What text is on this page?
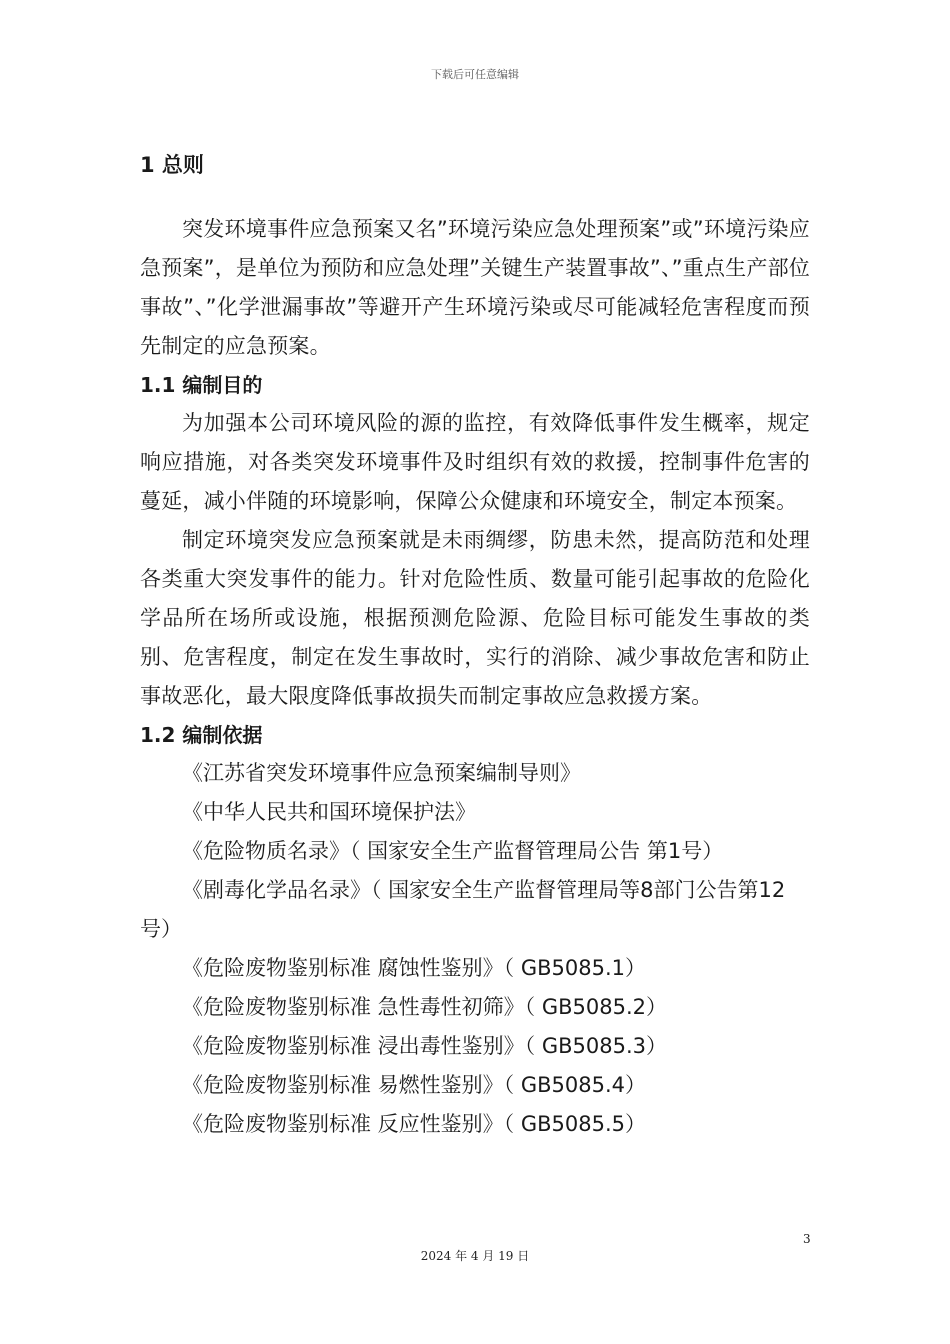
下载后可任意编辑
1 总则

突发环境事件应急预案又名”环境污染应急处理预案”或”环境污染应急预案”，是单位为预防和应急处理”关键生产装置事故”、”重点生产部位事故”、”化学泄漏事故”等避开产生环境污染或尽可能减轻危害程度而预先制定的应急预案。

1.1 编制目的

为加强本公司环境风险的源的监控，有效降低事件发生概率，规定响应措施，对各类突发环境事件及时组织有效的救援，控制事件危害的蔓延，减小伴随的环境影响，保障公众健康和环境安全，制定本预案。

制定环境突发应急预案就是未雨绸缪，防患未然，提高防范和处理各类重大突发事件的能力。针对危险性质、数量可能引起事故的危险化学品所在场所或设施，根据预测危险源、危险目标可能发生事故的类别、危害程度，制定在发生事故时，实行的消除、减少事故危害和防止事故恶化，最大限度降低事故损失而制定事故应急救援方案。

1.2 编制依据

《江苏省突发环境事件应急预案编制导则》

《中华人民共和国环境保护法》

《危险物质名录》（ 国家安全生产监督管理局公告 第1号）

《剧毒化学品名录》（ 国家安全生产监督管理局等8部门公告第12号）

《危险废物鉴别标准 腐蚀性鉴别》（ GB5085.1）

《危险废物鉴别标准 急性毒性初筛》（ GB5085.2）

《危险废物鉴别标准 浸出毒性鉴别》（ GB5085.3）

《危险废物鉴别标准 易燃性鉴别》（ GB5085.4）

《危险废物鉴别标准 反应性鉴别》（ GB5085.5）

3
2024 年 4 月 19 日
